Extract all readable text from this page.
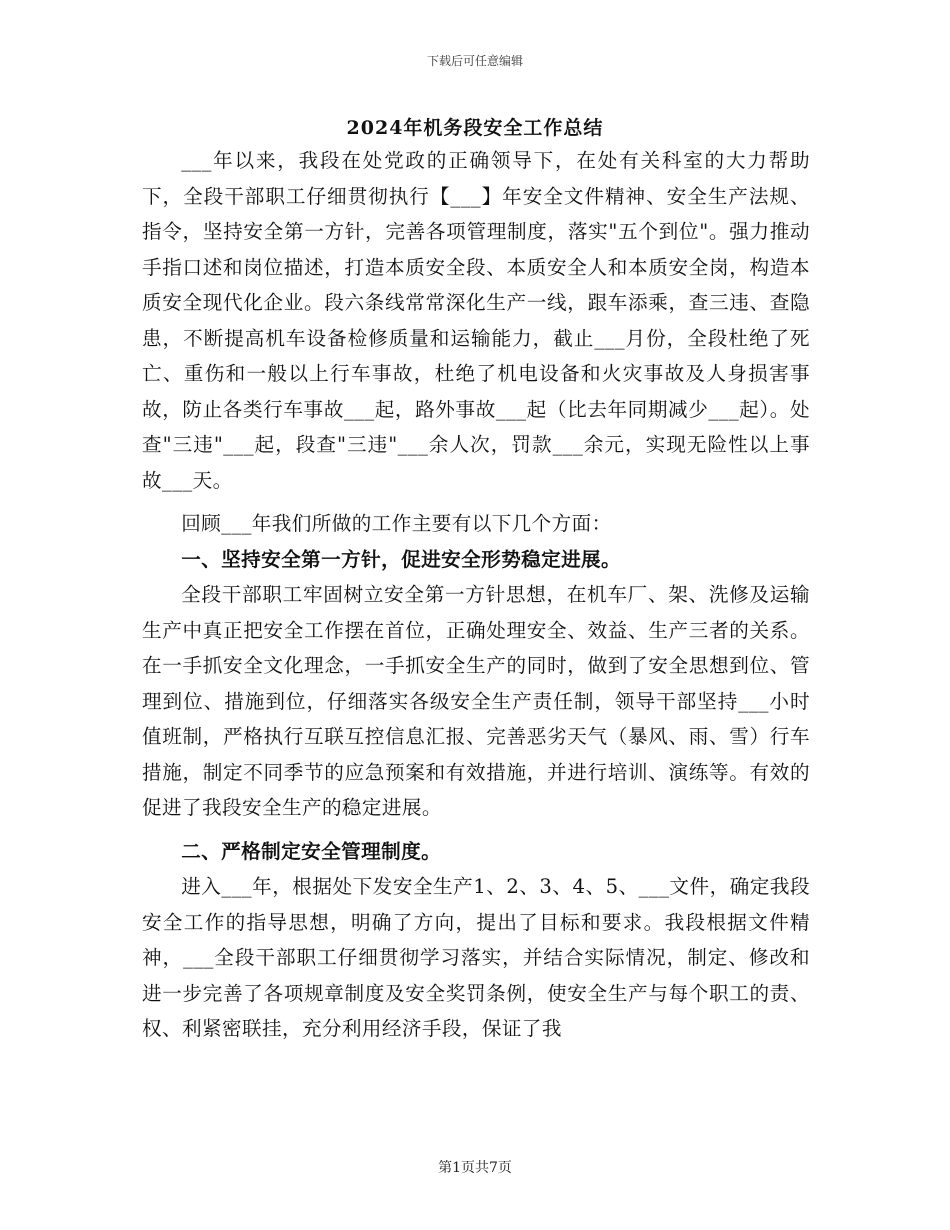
下载后可任意编辑
2024年机务段安全工作总结

___年以来，我段在处党政的正确领导下，在处有关科室的大力帮助下，全段干部职工仔细贯彻执行【___】年安全文件精神、安全生产法规、指令，坚持安全第一方针，完善各项管理制度，落实"五个到位"。强力推动手指口述和岗位描述，打造本质安全段、本质安全人和本质安全岗，构造本质安全现代化企业。段六条线常常深化生产一线，跟车添乘，查三违、查隐患，不断提高机车设备检修质量和运输能力，截止___月份，全段杜绝了死亡、重伤和一般以上行车事故，杜绝了机电设备和火灾事故及人身损害事故，防止各类行车事故___起，路外事故___起（比去年同期减少___起）。处查"三违"___起，段查"三违"___余人次，罚款___余元，实现无险性以上事故___天。

回顾___年我们所做的工作主要有以下几个方面：

一、坚持安全第一方针，促进安全形势稳定进展。

全段干部职工牢固树立安全第一方针思想，在机车厂、架、洗修及运输生产中真正把安全工作摆在首位，正确处理安全、效益、生产三者的关系。在一手抓安全文化理念，一手抓安全生产的同时，做到了安全思想到位、管理到位、措施到位，仔细落实各级安全生产责任制，领导干部坚持___小时值班制，严格执行互联互控信息汇报、完善恶劣天气（暴风、雨、雪）行车措施，制定不同季节的应急预案和有效措施，并进行培训、演练等。有效的促进了我段安全生产的稳定进展。

二、严格制定安全管理制度。

进入___年，根据处下发安全生产1、2、3、4、5、___文件，确定我段安全工作的指导思想，明确了方向，提出了目标和要求。我段根据文件精神，___全段干部职工仔细贯彻学习落实，并结合实际情况，制定、修改和进一步完善了各项规章制度及安全奖罚条例，使安全生产与每个职工的责、权、利紧密联挂，充分利用经济手段，保证了我

第1页共7页
